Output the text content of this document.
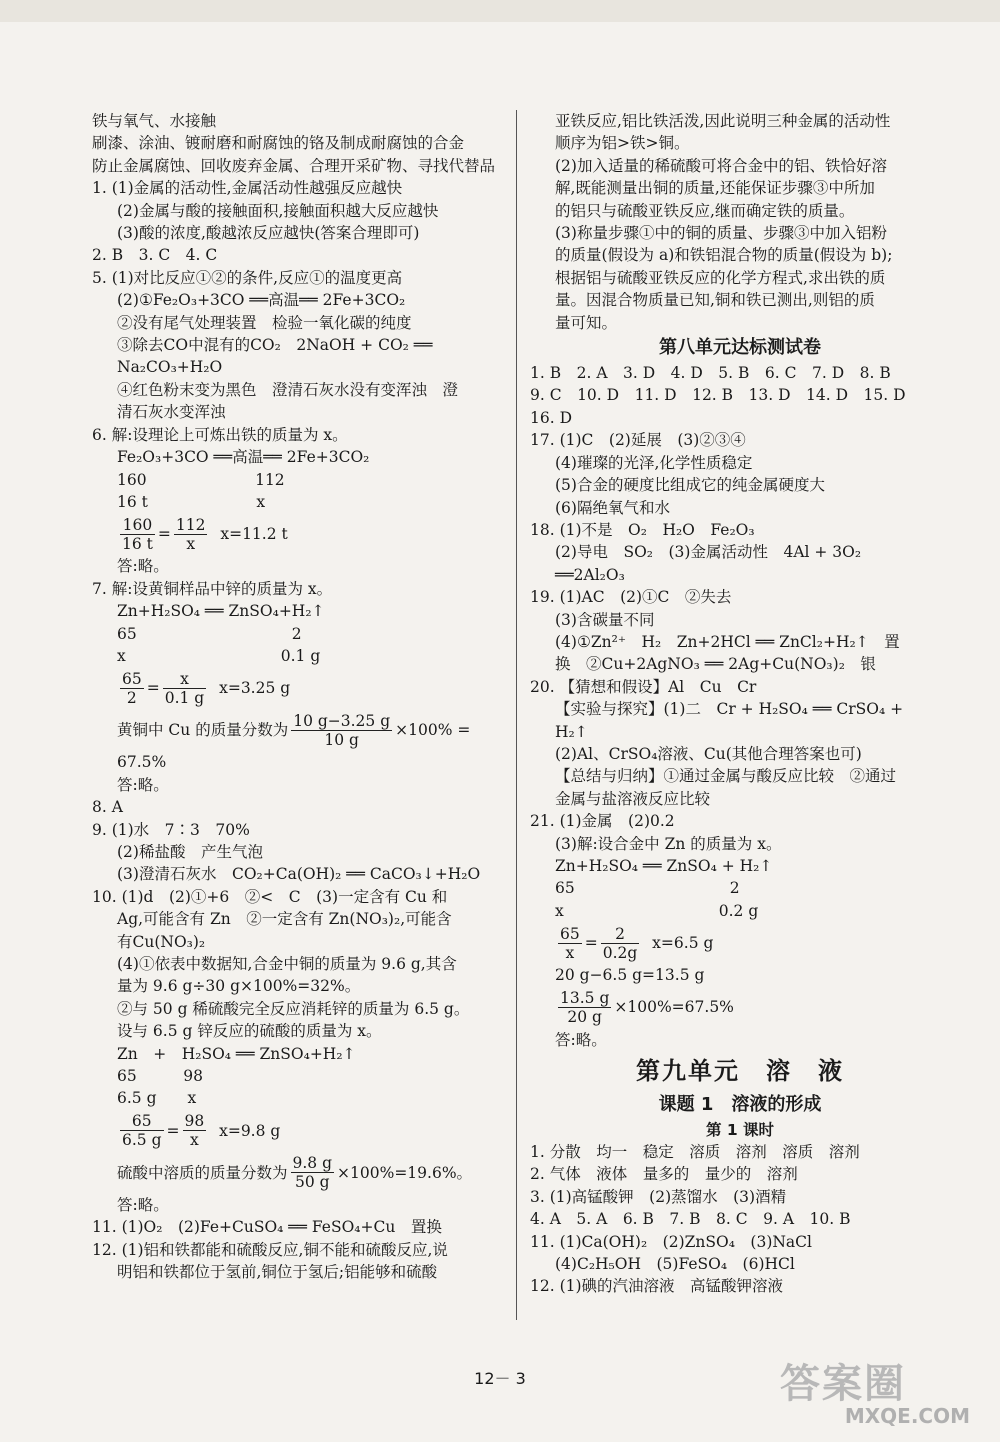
铁与氧气、水接触
刷漆、涂油、镀耐磨和耐腐蚀的铬及制成耐腐蚀的合金
防止金属腐蚀、回收废弃金属、合理开采矿物、寻找代替品
1. (1)金属的活动性,金属活动性越强反应越快
(2)金属与酸的接触面积,接触面积越大反应越快
(3)酸的浓度,酸越浓反应越快(答案合理即可)
2. B　3. C　4. C
5. (1)对比反应①②的条件,反应①的温度更高
(2)①Fe₂O₃+3CO ══高温══ 2Fe+3CO₂
②没有尾气处理装置　检验一氧化碳的纯度
③除去CO中混有的CO₂　2NaOH + CO₂ ══
Na₂CO₃+H₂O
④红色粉末变为黑色　澄清石灰水没有变浑浊　澄
清石灰水变浑浊
6. 解:设理论上可炼出铁的质量为 x。
Fe₂O₃+3CO ══高温══ 2Fe+3CO₂
160　　　　　　　112
16 t　　　　　　　x
$\frac{160}{16 t} = \frac{112}{x}$
x=11.2 t
答:略。
7. 解:设黄铜样品中锌的质量为 x。
Zn+H₂SO₄ ══ ZnSO₄+H₂↑
65　　　　　　　　　　2
x　　　　　　　　　　0.1 g
$\frac{65}{2} = \frac{x}{0.1 g}$
x=3.25 g
黄铜中 Cu 的质量分数为 $\frac{10 g-3.25 g}{10 g} \times 100\%$ =
67.5%
答:略。
8. A
9. (1)水　7∶3　70%
(2)稀盐酸　产生气泡
(3)澄清石灰水　CO₂+Ca(OH)₂ ══ CaCO₃↓+H₂O
10. (1)d　(2)①+6　②<　C　(3)一定含有 Cu 和
Ag,可能含有 Zn　②一定含有 Zn(NO₃)₂,可能含
有Cu(NO₃)₂
(4)①依表中数据知,合金中铜的质量为 9.6 g,其含
量为 9.6 g÷30 g×100%=32%。
②与 50 g 稀硫酸完全反应消耗锌的质量为 6.5 g。
设与 6.5 g 锌反应的硫酸的质量为 x。
Zn　+　H₂SO₄ ══ ZnSO₄+H₂↑
65　　　98
6.5 g　　x
$\frac{65}{6.5 g} = \frac{98}{x}$
x=9.8 g
硫酸中溶质的质量分数为 $\frac{9.8 g}{50 g} \times 100\%=19.6\%$。
答:略。
11. (1)O₂　(2)Fe+CuSO₄ ══ FeSO₄+Cu　置换
12. (1)铝和铁都能和硫酸反应,铜不能和硫酸反应,说
明铝和铁都位于氢前,铜位于氢后;铝能够和硫酸
亚铁反应,铝比铁活泼,因此说明三种金属的活动性
顺序为铝>铁>铜。
(2)加入适量的稀硫酸可将合金中的铝、铁恰好溶
解,既能测量出铜的质量,还能保证步骤③中所加
的铝只与硫酸亚铁反应,继而确定铁的质量。
(3)称量步骤①中的铜的质量、步骤③中加入铝粉
的质量(假设为 a)和铁铝混合物的质量(假设为 b);
根据铝与硫酸亚铁反应的化学方程式,求出铁的质
量。因混合物质量已知,铜和铁已测出,则铝的质
量可知。
第八单元达标测试卷
1. B　2. A　3. D　4. D　5. B　6. C　7. D　8. B
9. C　10. D　11. D　12. B　13. D　14. D　15. D
16. D
17. (1)C　(2)延展　(3)②③④
(4)璀璨的光泽,化学性质稳定
(5)合金的硬度比组成它的纯金属硬度大
(6)隔绝氧气和水
18. (1)不是　O₂　H₂O　Fe₂O₃
(2)导电　SO₂　(3)金属活动性　4Al + 3O₂
══2Al₂O₃
19. (1)AC　(2)①C　②失去
(3)含碳量不同
(4)①Zn²⁺　H₂　Zn+2HCl ══ ZnCl₂+H₂↑　置
换　②Cu+2AgNO₃ ══ 2Ag+Cu(NO₃)₂　银
20. 【猜想和假设】Al　Cu　Cr
【实验与探究】(1)二　Cr + H₂SO₄ ══ CrSO₄ +
H₂↑
(2)Al、CrSO₄溶液、Cu(其他合理答案也可)
【总结与归纳】①通过金属与酸反应比较　②通过
金属与盐溶液反应比较
21. (1)金属　(2)0.2
(3)解:设合金中 Zn 的质量为 x。
Zn+H₂SO₄ ══ ZnSO₄ + H₂↑
65　　　　　　　　　　2
x　　　　　　　　　　0.2 g
$\frac{65}{x} = \frac{2}{0.2g}$
x=6.5 g
20 g−6.5 g=13.5 g
$\frac{13.5 g}{20 g} \times 100\%=67.5\%$
答:略。
第九单元　溶　液
课题 1　溶液的形成
第 1 课时
1. 分散　均一　稳定　溶质　溶剂　溶质　溶剂
2. 气体　液体　量多的　量少的　溶剂
3. (1)高锰酸钾　(2)蒸馏水　(3)酒精
4. A　5. A　6. B　7. B　8. C　9. A　10. B
11. (1)Ca(OH)₂　(2)ZnSO₄　(3)NaCl
(4)C₂H₅OH　(5)FeSO₄　(6)HCl
12. (1)碘的汽油溶液　高锰酸钾溶液
12－ 3	答案圈
MXQE.COM
